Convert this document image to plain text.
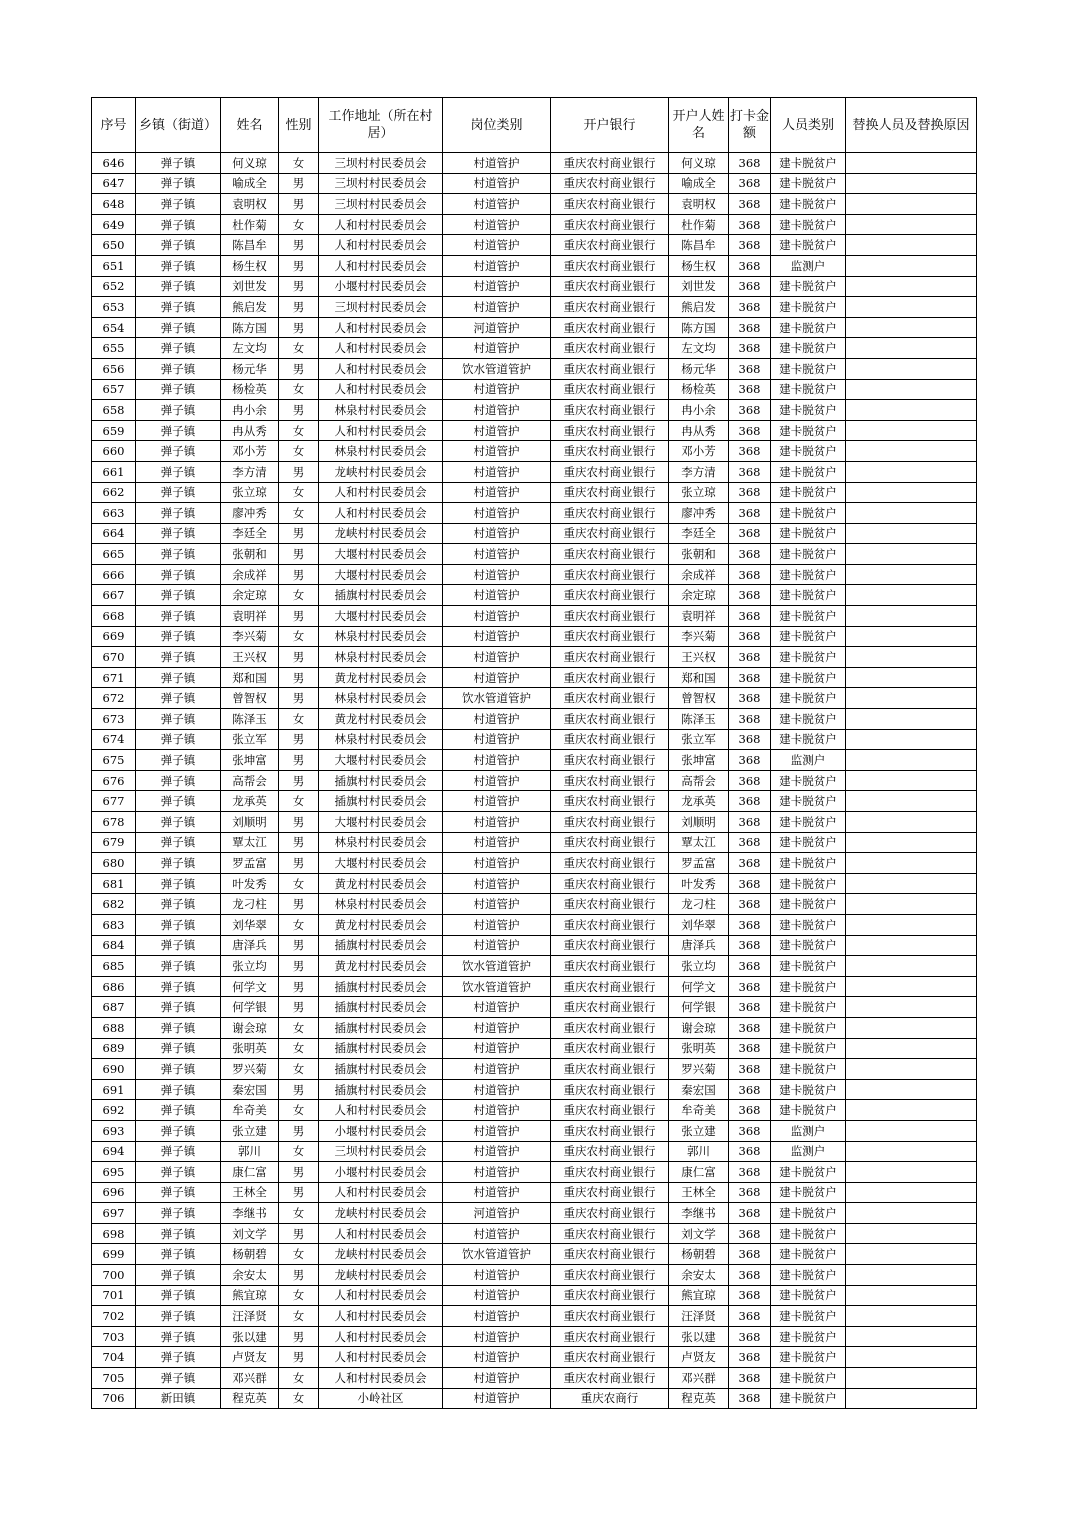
序号	乡镇（街道）	姓名	性别	工作地址（所在村居）	岗位类别	开户银行	开户人姓名	打卡金额	人员类别	替换人员及替换原因
646	弹子镇	何义琼	女	三坝村村民委员会	村道管护	重庆农村商业银行	何义琼	368	建卡脱贫户	
647	弹子镇	喻成全	男	三坝村村民委员会	村道管护	重庆农村商业银行	喻成全	368	建卡脱贫户	
648	弹子镇	袁明权	男	三坝村村民委员会	村道管护	重庆农村商业银行	袁明权	368	建卡脱贫户	
649	弹子镇	杜作菊	女	人和村村民委员会	村道管护	重庆农村商业银行	杜作菊	368	建卡脱贫户	
650	弹子镇	陈昌牟	男	人和村村民委员会	村道管护	重庆农村商业银行	陈昌牟	368	建卡脱贫户	
651	弹子镇	杨生权	男	人和村村民委员会	村道管护	重庆农村商业银行	杨生权	368	监测户	
652	弹子镇	刘世发	男	小堰村村民委员会	村道管护	重庆农村商业银行	刘世发	368	建卡脱贫户	
653	弹子镇	熊启发	男	三坝村村民委员会	村道管护	重庆农村商业银行	熊启发	368	建卡脱贫户	
654	弹子镇	陈方国	男	人和村村民委员会	河道管护	重庆农村商业银行	陈方国	368	建卡脱贫户	
655	弹子镇	左文均	女	人和村村民委员会	村道管护	重庆农村商业银行	左文均	368	建卡脱贫户	
656	弹子镇	杨元华	男	人和村村民委员会	饮水管道管护	重庆农村商业银行	杨元华	368	建卡脱贫户	
657	弹子镇	杨检英	女	人和村村民委员会	村道管护	重庆农村商业银行	杨检英	368	建卡脱贫户	
658	弹子镇	冉小余	男	林泉村村民委员会	村道管护	重庆农村商业银行	冉小余	368	建卡脱贫户	
659	弹子镇	冉从秀	女	人和村村民委员会	村道管护	重庆农村商业银行	冉从秀	368	建卡脱贫户	
660	弹子镇	邓小芳	女	林泉村村民委员会	村道管护	重庆农村商业银行	邓小芳	368	建卡脱贫户	
661	弹子镇	李方清	男	龙峡村村民委员会	村道管护	重庆农村商业银行	李方清	368	建卡脱贫户	
662	弹子镇	张立琼	女	人和村村民委员会	村道管护	重庆农村商业银行	张立琼	368	建卡脱贫户	
663	弹子镇	廖冲秀	女	人和村村民委员会	村道管护	重庆农村商业银行	廖冲秀	368	建卡脱贫户	
664	弹子镇	李廷全	男	龙峡村村民委员会	村道管护	重庆农村商业银行	李廷全	368	建卡脱贫户	
665	弹子镇	张朝和	男	大堰村村民委员会	村道管护	重庆农村商业银行	张朝和	368	建卡脱贫户	
666	弹子镇	余成祥	男	大堰村村民委员会	村道管护	重庆农村商业银行	余成祥	368	建卡脱贫户	
667	弹子镇	余定琼	女	插旗村村民委员会	村道管护	重庆农村商业银行	余定琼	368	建卡脱贫户	
668	弹子镇	袁明祥	男	大堰村村民委员会	村道管护	重庆农村商业银行	袁明祥	368	建卡脱贫户	
669	弹子镇	李兴菊	女	林泉村村民委员会	村道管护	重庆农村商业银行	李兴菊	368	建卡脱贫户	
670	弹子镇	王兴权	男	林泉村村民委员会	村道管护	重庆农村商业银行	王兴权	368	建卡脱贫户	
671	弹子镇	郑和国	男	黄龙村村民委员会	村道管护	重庆农村商业银行	郑和国	368	建卡脱贫户	
672	弹子镇	曾智权	男	林泉村村民委员会	饮水管道管护	重庆农村商业银行	曾智权	368	建卡脱贫户	
673	弹子镇	陈泽玉	女	黄龙村村民委员会	村道管护	重庆农村商业银行	陈泽玉	368	建卡脱贫户	
674	弹子镇	张立军	男	林泉村村民委员会	村道管护	重庆农村商业银行	张立军	368	建卡脱贫户	
675	弹子镇	张坤富	男	大堰村村民委员会	村道管护	重庆农村商业银行	张坤富	368	监测户	
676	弹子镇	高帮会	男	插旗村村民委员会	村道管护	重庆农村商业银行	高帮会	368	建卡脱贫户	
677	弹子镇	龙承英	女	插旗村村民委员会	村道管护	重庆农村商业银行	龙承英	368	建卡脱贫户	
678	弹子镇	刘顺明	男	大堰村村民委员会	村道管护	重庆农村商业银行	刘顺明	368	建卡脱贫户	
679	弹子镇	覃太江	男	林泉村村民委员会	村道管护	重庆农村商业银行	覃太江	368	建卡脱贫户	
680	弹子镇	罗孟富	男	大堰村村民委员会	村道管护	重庆农村商业银行	罗孟富	368	建卡脱贫户	
681	弹子镇	叶发秀	女	黄龙村村民委员会	村道管护	重庆农村商业银行	叶发秀	368	建卡脱贫户	
682	弹子镇	龙刁柱	男	林泉村村民委员会	村道管护	重庆农村商业银行	龙刁柱	368	建卡脱贫户	
683	弹子镇	刘华翠	女	黄龙村村民委员会	村道管护	重庆农村商业银行	刘华翠	368	建卡脱贫户	
684	弹子镇	唐泽兵	男	插旗村村民委员会	村道管护	重庆农村商业银行	唐泽兵	368	建卡脱贫户	
685	弹子镇	张立均	男	黄龙村村民委员会	饮水管道管护	重庆农村商业银行	张立均	368	建卡脱贫户	
686	弹子镇	何学文	男	插旗村村民委员会	饮水管道管护	重庆农村商业银行	何学文	368	建卡脱贫户	
687	弹子镇	何学银	男	插旗村村民委员会	村道管护	重庆农村商业银行	何学银	368	建卡脱贫户	
688	弹子镇	谢会琼	女	插旗村村民委员会	村道管护	重庆农村商业银行	谢会琼	368	建卡脱贫户	
689	弹子镇	张明英	女	插旗村村民委员会	村道管护	重庆农村商业银行	张明英	368	建卡脱贫户	
690	弹子镇	罗兴菊	女	插旗村村民委员会	村道管护	重庆农村商业银行	罗兴菊	368	建卡脱贫户	
691	弹子镇	秦宏国	男	插旗村村民委员会	村道管护	重庆农村商业银行	秦宏国	368	建卡脱贫户	
692	弹子镇	牟奇美	女	人和村村民委员会	村道管护	重庆农村商业银行	牟奇美	368	建卡脱贫户	
693	弹子镇	张立建	男	小堰村村民委员会	村道管护	重庆农村商业银行	张立建	368	监测户	
694	弹子镇	郭川	女	三坝村村民委员会	村道管护	重庆农村商业银行	郭川	368	监测户	
695	弹子镇	康仁富	男	小堰村村民委员会	村道管护	重庆农村商业银行	康仁富	368	建卡脱贫户	
696	弹子镇	王林全	男	人和村村民委员会	村道管护	重庆农村商业银行	王林全	368	建卡脱贫户	
697	弹子镇	李继书	女	龙峡村村民委员会	河道管护	重庆农村商业银行	李继书	368	建卡脱贫户	
698	弹子镇	刘文学	男	人和村村民委员会	村道管护	重庆农村商业银行	刘文学	368	建卡脱贫户	
699	弹子镇	杨朝碧	女	龙峡村村民委员会	饮水管道管护	重庆农村商业银行	杨朝碧	368	建卡脱贫户	
700	弹子镇	余安太	男	龙峡村村民委员会	村道管护	重庆农村商业银行	余安太	368	建卡脱贫户	
701	弹子镇	熊宜琼	女	人和村村民委员会	村道管护	重庆农村商业银行	熊宜琼	368	建卡脱贫户	
702	弹子镇	汪泽贤	女	人和村村民委员会	村道管护	重庆农村商业银行	汪泽贤	368	建卡脱贫户	
703	弹子镇	张以建	男	人和村村民委员会	村道管护	重庆农村商业银行	张以建	368	建卡脱贫户	
704	弹子镇	卢贤友	男	人和村村民委员会	村道管护	重庆农村商业银行	卢贤友	368	建卡脱贫户	
705	弹子镇	邓兴群	女	人和村村民委员会	村道管护	重庆农村商业银行	邓兴群	368	建卡脱贫户	
706	新田镇	程克英	女	小岭社区	村道管护	重庆农商行	程克英	368	建卡脱贫户	
